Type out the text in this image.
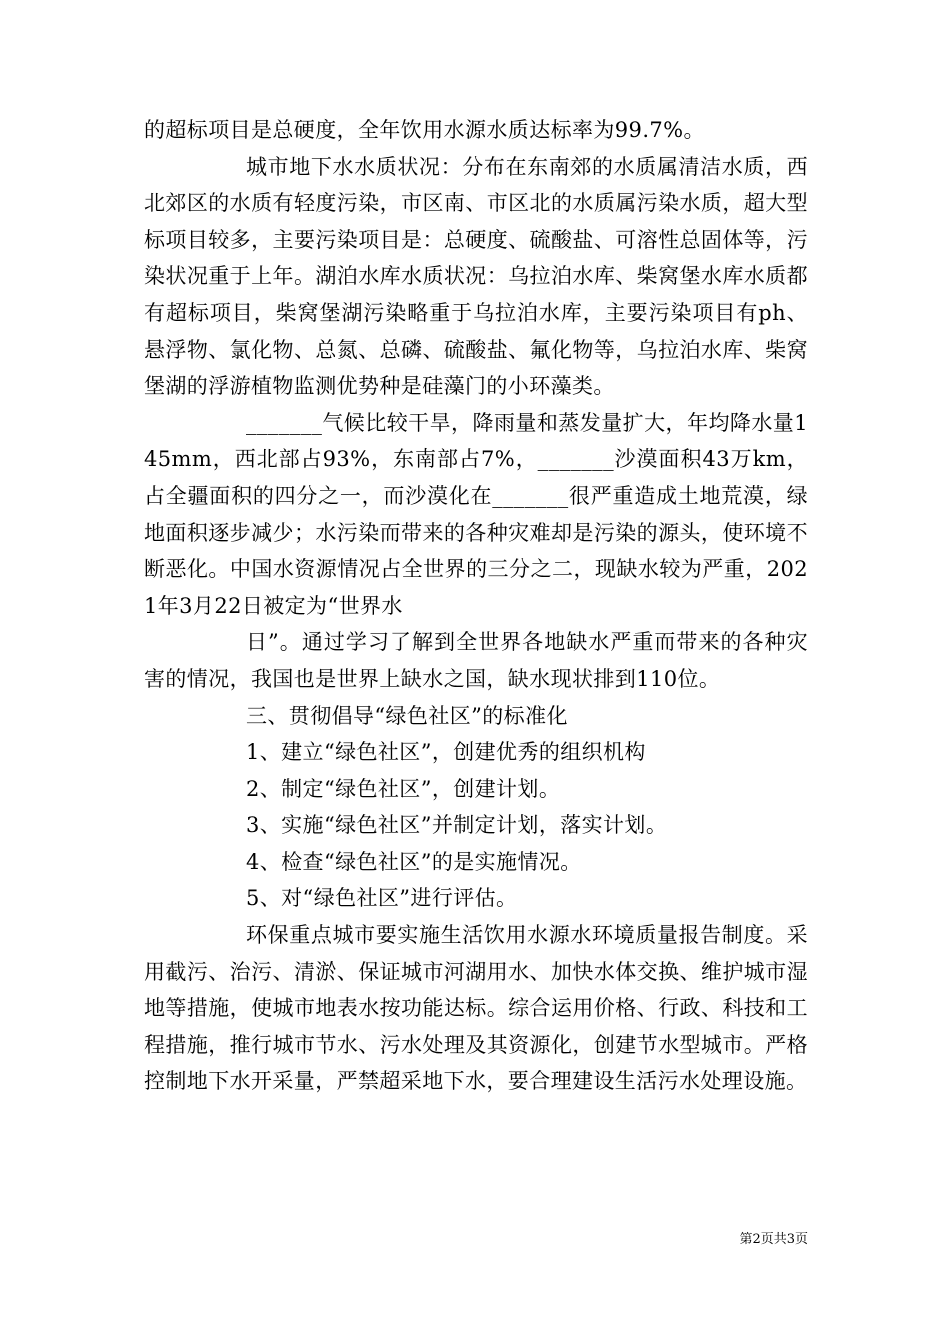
的超标项目是总硬度，全年饮用水源水质达标率为99.7%。

城市地下水水质状况：分布在东南郊的水质属清洁水质，西北郊区的水质有轻度污染，市区南、市区北的水质属污染水质，超大型标项目较多，主要污染项目是：总硬度、硫酸盐、可溶性总固体等，污染状况重于上年。湖泊水库水质状况：乌拉泊水库、柴窝堡水库水质都有超标项目，柴窝堡湖污染略重于乌拉泊水库，主要污染项目有ph、悬浮物、氯化物、总氮、总磷、硫酸盐、氟化物等，乌拉泊水库、柴窝堡湖的浮游植物监测优势种是硅藻门的小环藻类。

_______气候比较干旱，降雨量和蒸发量扩大，年均降水量145mm，西北部占93%，东南部占7%，_______沙漠面积43万km，占全疆面积的四分之一，而沙漠化在_______很严重造成土地荒漠，绿地面积逐步减少；水污染而带来的各种灾难却是污染的源头，使环境不断恶化。中国水资源情况占全世界的三分之二，现缺水较为严重，2021年3月22日被定为“世界水

日”。通过学习了解到全世界各地缺水严重而带来的各种灾害的情况，我国也是世界上缺水之国，缺水现状排到110位。

三、贯彻倡导“绿色社区”的标准化

1、建立“绿色社区”，创建优秀的组织机构

2、制定“绿色社区”，创建计划。

3、实施“绿色社区”并制定计划，落实计划。

4、检查“绿色社区”的是实施情况。

5、对“绿色社区”进行评估。

环保重点城市要实施生活饮用水源水环境质量报告制度。采用截污、治污、清淤、保证城市河湖用水、加快水体交换、维护城市湿地等措施，使城市地表水按功能达标。综合运用价格、行政、科技和工程措施，推行城市节水、污水处理及其资源化，创建节水型城市。严格控制地下水开采量，严禁超采地下水，要合理建设生活污水处理设施。

第2页共3页
